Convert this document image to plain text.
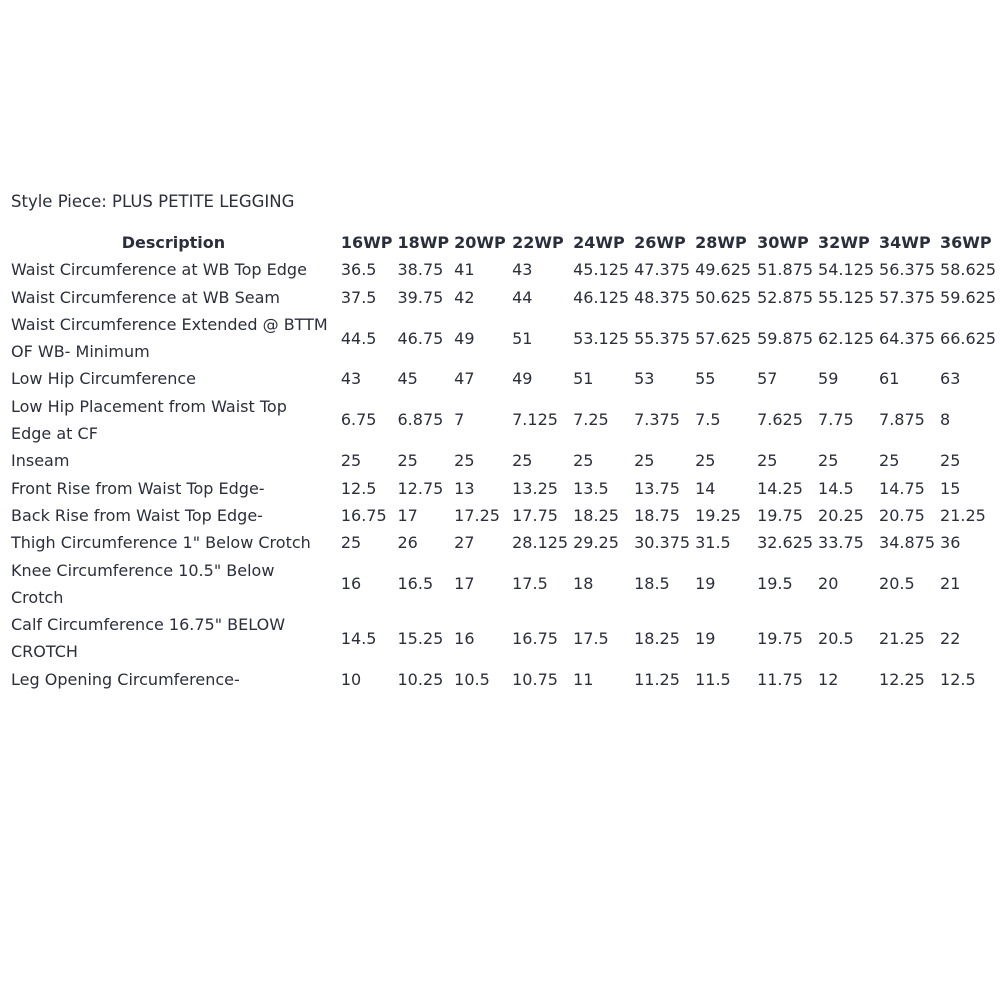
Style Piece: PLUS PETITE LEGGING
Description	16WP	18WP	20WP	22WP	24WP	26WP	28WP	30WP	32WP	34WP	36WP
Waist Circumference at WB Top Edge	36.5	38.75	41	43	45.125	47.375	49.625	51.875	54.125	56.375	58.625
Waist Circumference at WB Seam	37.5	39.75	42	44	46.125	48.375	50.625	52.875	55.125	57.375	59.625
Waist Circumference Extended @ BTTM OF WB- Minimum	44.5	46.75	49	51	53.125	55.375	57.625	59.875	62.125	64.375	66.625
Low Hip Circumference	43	45	47	49	51	53	55	57	59	61	63
Low Hip Placement from Waist Top Edge at CF	6.75	6.875	7	7.125	7.25	7.375	7.5	7.625	7.75	7.875	8
Inseam	25	25	25	25	25	25	25	25	25	25	25
Front Rise from Waist Top Edge-	12.5	12.75	13	13.25	13.5	13.75	14	14.25	14.5	14.75	15
Back Rise from Waist Top Edge-	16.75	17	17.25	17.75	18.25	18.75	19.25	19.75	20.25	20.75	21.25
Thigh Circumference 1" Below Crotch	25	26	27	28.125	29.25	30.375	31.5	32.625	33.75	34.875	36
Knee Circumference 10.5" Below Crotch	16	16.5	17	17.5	18	18.5	19	19.5	20	20.5	21
Calf Circumference 16.75" BELOW CROTCH	14.5	15.25	16	16.75	17.5	18.25	19	19.75	20.5	21.25	22
Leg Opening Circumference-	10	10.25	10.5	10.75	11	11.25	11.5	11.75	12	12.25	12.5
